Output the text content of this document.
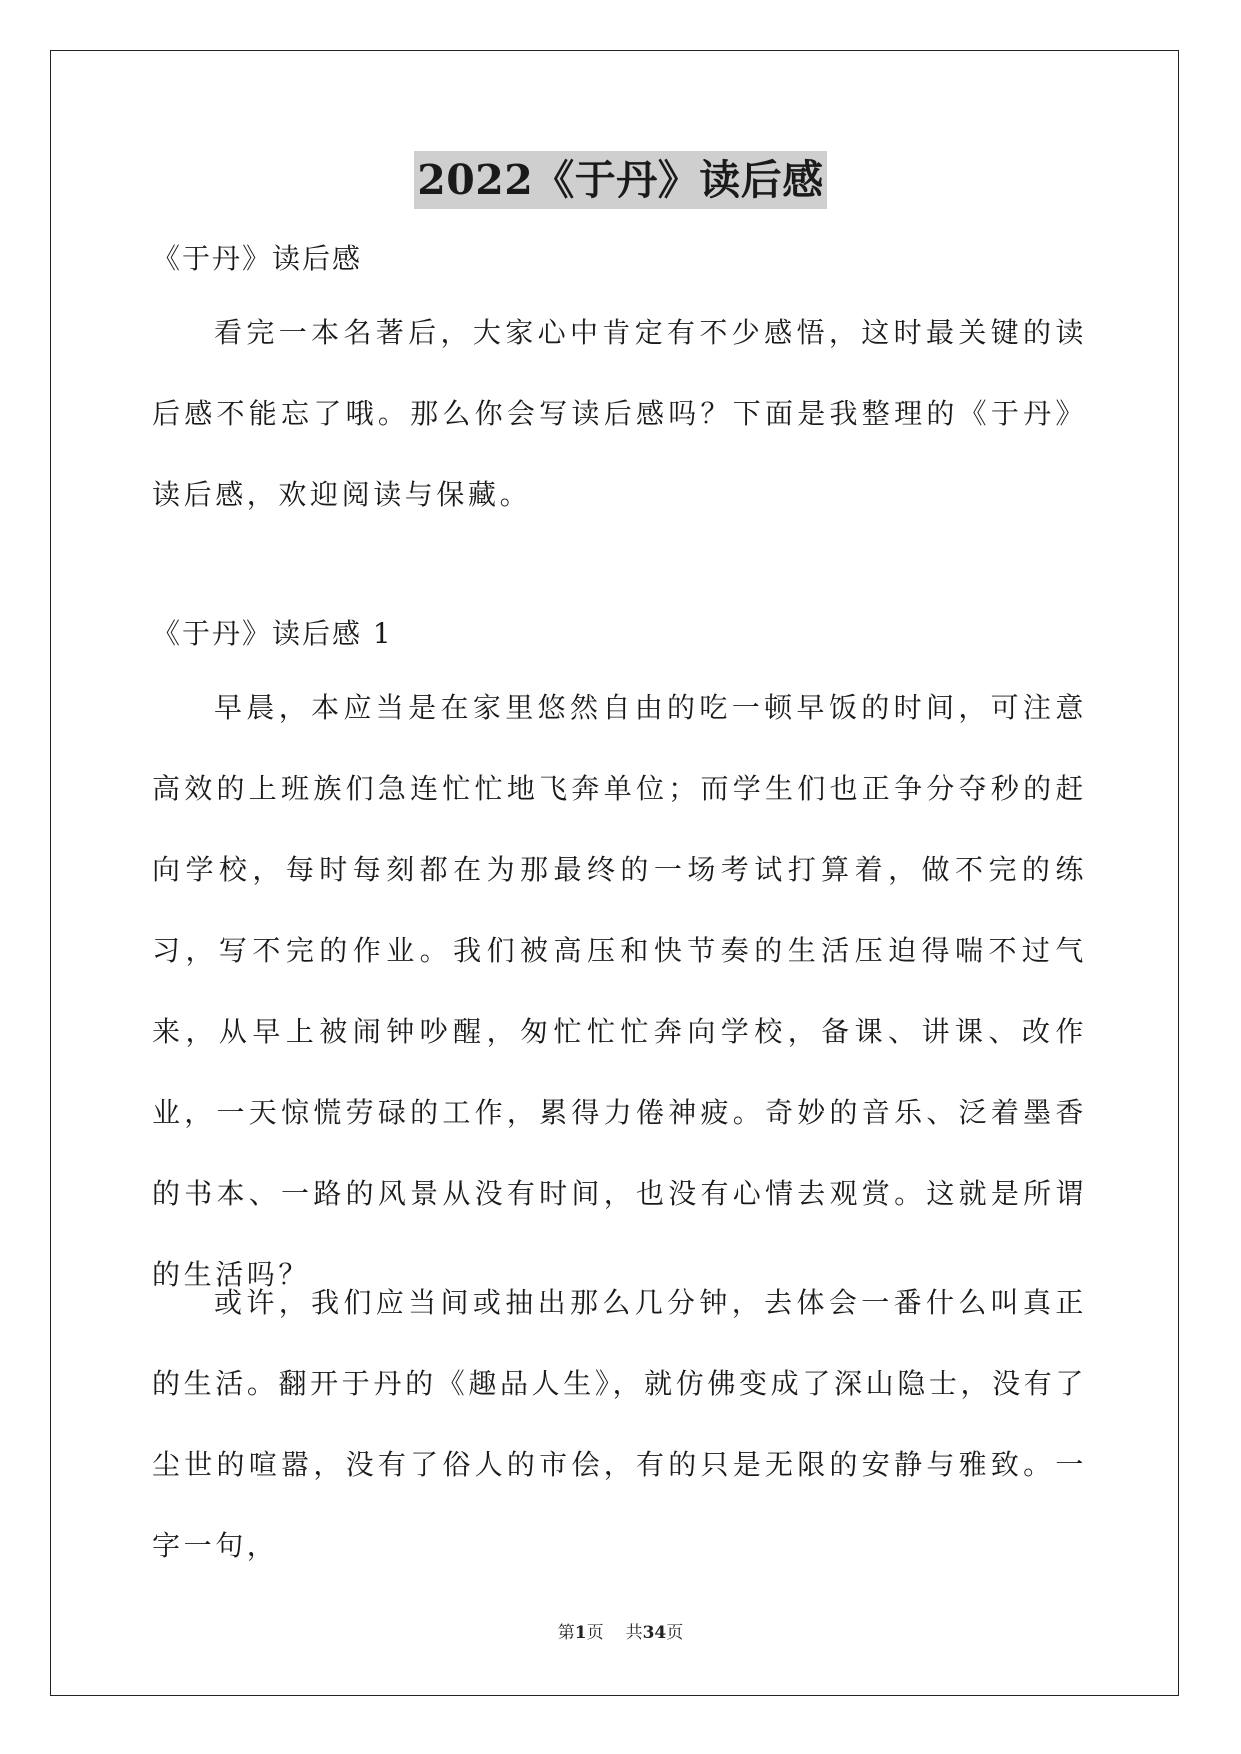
2022《于丹》读后感

《于丹》读后感

看完一本名著后，大家心中肯定有不少感悟，这时最关键的读后感不能忘了哦。那么你会写读后感吗？下面是我整理的《于丹》读后感，欢迎阅读与保藏。

《于丹》读后感 1

早晨，本应当是在家里悠然自由的吃一顿早饭的时间，可注意高效的上班族们急连忙忙地飞奔单位；而学生们也正争分夺秒的赶向学校，每时每刻都在为那最终的一场考试打算着，做不完的练习，写不完的作业。我们被高压和快节奏的生活压迫得喘不过气来，从早上被闹钟吵醒，匆忙忙忙奔向学校，备课、讲课、改作业，一天惊慌劳碌的工作，累得力倦神疲。奇妙的音乐、泛着墨香的书本、一路的风景从没有时间，也没有心情去观赏。这就是所谓的生活吗？

或许，我们应当间或抽出那么几分钟，去体会一番什么叫真正的生活。翻开于丹的《趣品人生》，就仿佛变成了深山隐士，没有了尘世的喧嚣，没有了俗人的市侩，有的只是无限的安静与雅致。一字一句，

第1页 共34页
